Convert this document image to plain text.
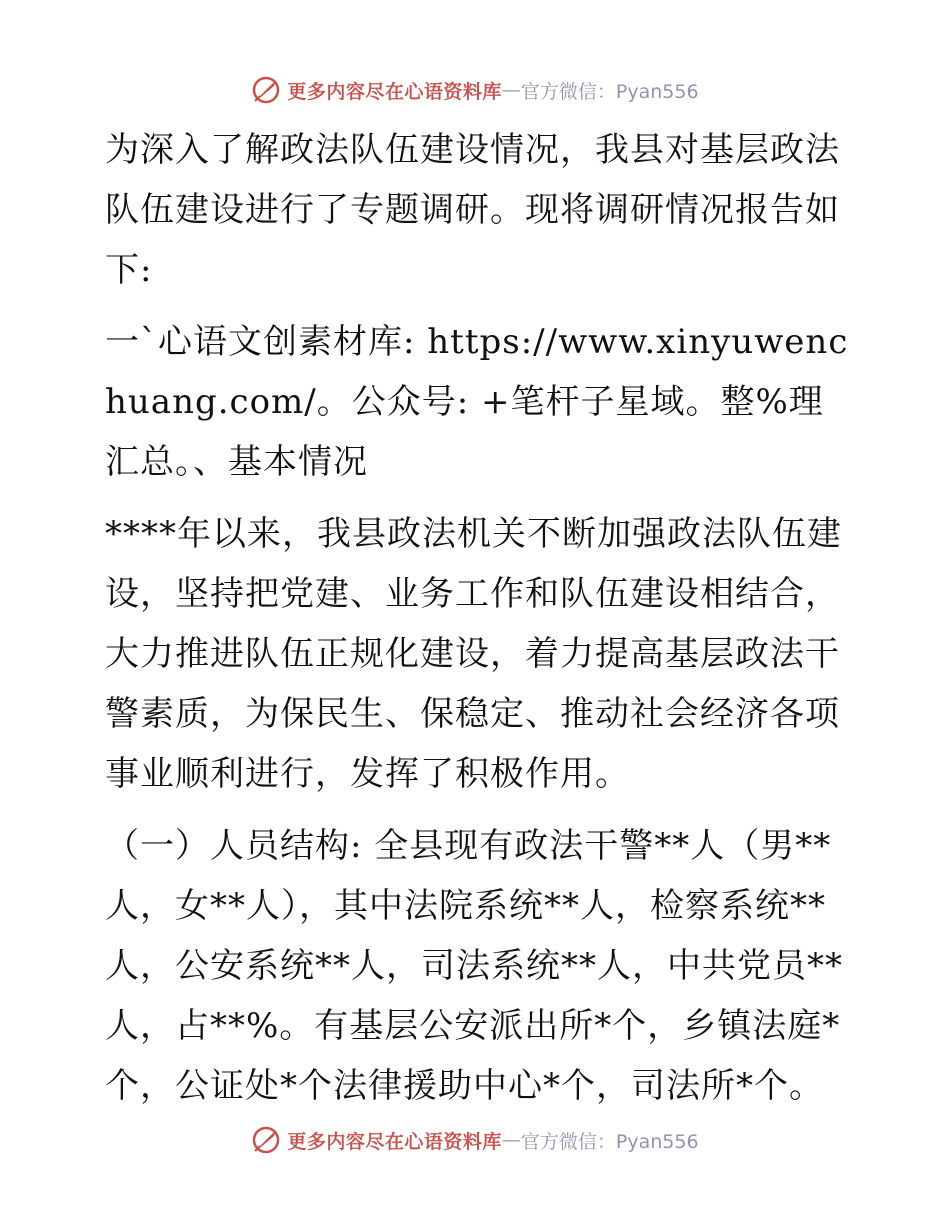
更多内容尽在心语资料库 — 官方微信：Pyan556

为深入了解政法队伍建设情况，我县对基层政法队伍建设进行了专题调研。现将调研情况报告如下:

一`心语文创素材库: https://www.xinyuwenchuang.com/。公众号: +笔杆子星域。整%理汇总。、基本情况

****年以来，我县政法机关不断加强政法队伍建设，坚持把党建、业务工作和队伍建设相结合，大力推进队伍正规化建设，着力提高基层政法干警素质，为保民生、保稳定、推动社会经济各项事业顺利进行，发挥了积极作用。

（一）人员结构: 全县现有政法干警**人（男**人，女**人），其中法院系统**人，检察系统**人，公安系统**人，司法系统**人，中共党员**人，占**%。有基层公安派出所*个，乡镇法庭*个，公证处*个法律援助中心*个，司法所*个。

更多内容尽在心语资料库 — 官方微信：Pyan556
